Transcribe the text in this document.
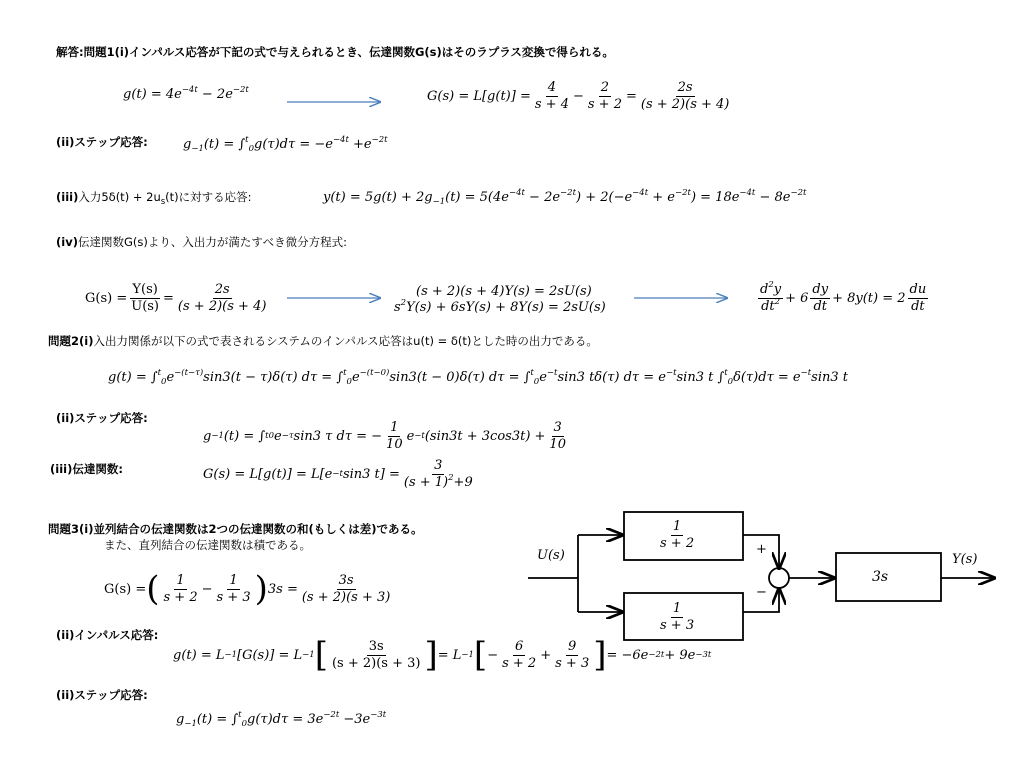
解答:問題1(i)インパルス応答が下記の式で与えられるとき、伝達関数G(s)はそのラプラス変換で得られる。
$g(t) = 4e^{-4t} - 2e^{-2t}$	$G(s) = L[g(t)] = \frac{4}{s + 4} - \frac{2}{s + 2} = \frac{2s}{(s + 2)(s + 4)}$
(ii)ステップ応答:	$g_{-1}(t) = \int^t_0g(\tau)d\tau = -e^{-4t} +e^{-2t}$
(iii)入力$5\delta(t) + 2u_s(t)$に対する応答:	$y(t) = 5g(t) + 2g_{-1}(t) = 5(4e^{-4t} - 2e^{-2t}) + 2(-e^{-4t} + e^{-2t}) = 18e^{-4t} - 8e^{-2t}$
(iv)伝達関数G(s)より、入出力が満たすべき微分方程式:
$G(s) = \frac{Y(s)}{U(s)} = \frac{2s}{(s + 2)(s + 4)}$	(s + 2)(s + 4)Y(s) = 2sU(s)
$s^2Y(s) + 6sY(s) + 8Y(s) = 2sU(s)$
$d^2y$
$dt^2 + 6$
dy
dt
+ 8y(t) = 2
du
dt
問題2(i)入出力関係が以下の式で表されるシステムのインパルス応答はu(t) = δ(t)とした時の出力である。
$g(t) = \int^t_0e^{-(t-\tau)}\sin 3(t - \tau)\delta(\tau) d\tau = \int^t_0e^{-(t-0)}\sin 3(t - 0)\delta(\tau) d\tau = \int^t_0e^{-t}\sin 3$ tδ(τ) $d\tau = e^{-t}\sin 3$ t $\int^t_0\delta(\tau)d\tau = e^{-t}\sin 3$ t
(ii)ステップ応答:
g −1 (t) = ∫ t 0 e −τ sin3 τ dτ = − $\frac{1}{10}$ e −t $(\sin 3t + 3\cos 3t) + \frac{3}{10}$
(iii)伝達関数:	G(s) = L[g(t)] = L[e −t sin3 $t] = \frac{3}{(s + 1)^2+9}$
問題3(i)並列結合の伝達関数は2つの伝達関数の和(もしくは差)である。
また、直列結合の伝達関数は積である。
G(s) = ( 1
s + 2
− $\frac{1}{s + 3}$ ) $3s = \frac{3s}{(s + 2)(s + 3)}$
(ii)インパルス応答:
g(t) = L −1 [G(s)] = L −1 [	3s
(s + 2)(s + 3) ] = L −1 [ − $\frac{6}{s + 2} + \frac{9}{s + 3}$ ] = −6e −2t + 9e −3t
(ii)ステップ応答:
$g_{-1}(t) = \int^t_0g(\tau)d\tau = 3e^{-2t} -3e^{-3t}$
U(s)	Y(s)
$\frac{1}{s + 2}$
$\frac{1}{s + 3}$
+
−
3s
